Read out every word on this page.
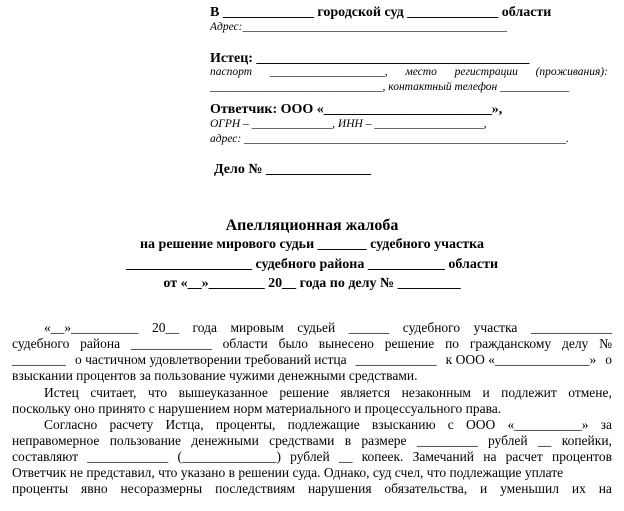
В _____________ городской суд _____________ области
Адрес:______________________________________________
Истец: _______________________________________
паспорт ____________________, место регистрации (проживания):
______________________________, контактный телефон ____________
Ответчик: ООО «________________________»,
ОГРН – ______________, ИНН – ___________________,
адрес: ________________________________________________________.
Дело № _______________
Апелляционная жалоба
на решение мирового судьи _______ судебного участка
__________________ судебного района ___________ области
от «__»________ 20__ года по делу № _________
«__»__________ 20__ года мировым судьей ______ судебного участка ____________
судебного района ____________ области было вынесено решение по гражданскому делу №
________ о частичном удовлетворении требований истца ____________ к ООО «______________» о
взыскании процентов за пользование чужими денежными средствами.
Истец считает, что вышеуказанное решение является незаконным и подлежит отмене,
поскольку оно принято с нарушением норм материального и процессуального права.
Согласно расчету Истца, проценты, подлежащие взысканию с ООО «__________» за
неправомерное пользование денежными средствами в размере _________ рублей __ копейки,
составляют ____________ (______________) рублей __ копеек. Замечаний на расчет процентов
Ответчик не представил, что указано в решении суда. Однако, суд счел, что подлежащие уплате
проценты явно несоразмерны последствиям нарушения обязательства, и уменьшил их на
